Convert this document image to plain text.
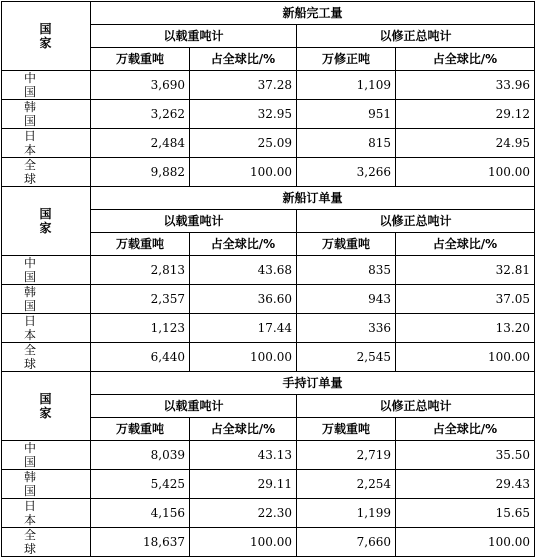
国 家	新船完工量			
	以载重吨计		以修正总吨计	
	万载重吨	占全球比/%	万修正吨	占全球比/%
中 国	3,690	37.28	1,109	33.96
韩 国	3,262	32.95	951	29.12
日 本	2,484	25.09	815	24.95
全 球	9,882	100.00	3,266	100.00
国 家	新船订单量			
	以载重吨计		以修正总吨计	
	万载重吨	占全球比/%	万载重吨	占全球比/%
中 国	2,813	43.68	835	32.81
韩 国	2,357	36.60	943	37.05
日 本	1,123	17.44	336	13.20
全 球	6,440	100.00	2,545	100.00
国 家	手持订单量			
	以载重吨计		以修正总吨计	
	万载重吨	占全球比/%	万载重吨	占全球比/%
中 国	8,039	43.13	2,719	35.50
韩 国	5,425	29.11	2,254	29.43
日 本	4,156	22.30	1,199	15.65
全 球	18,637	100.00	7,660	100.00
